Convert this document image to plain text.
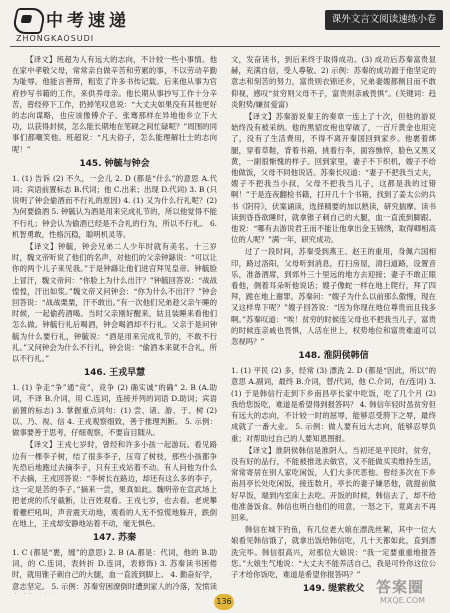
中考速递
ZHONGKAOSUDI
课外文言文阅读速练小卷

【译文】班超为人有远大的志向，不计较一些小事情。他在家中孝敬父母，常常亲自做辛苦和劳累的事，不以劳动辛勤为耻辱。他能言善辩，粗览了许多书传记载。后来他从事为官府抄写书籍的工作，来供养母亲。他长期从事抄写工作十分辛苦，曾经停下工作，扔掉笔叹息说：“大丈夫如果没有其他更好的志向谋略，也应该像傅介子、张骞那样在异地他乡立下大功，以获得封侯，怎么能长期地在笔砚之间忙碌呢？”周围的同事们都嘲笑他。班超说：“凡夫俗子，怎么能理解壮士的志向呢！”

145. 钟毓与钟会

1. (1) 告诉 (2) 不久，一会儿 2. D (都是“什么”的意思 A.代词；宾语前置标志 B.代词；他 C.出来；出现 D.代词) 3. B (只说明了钟会偷酒而不行礼的原因) 4. (1) 又为什么行礼呢？(2) 为何要偷酒 5. 钟毓认为酒是用来完成礼节的，所以他觉得不能不行礼；钟会认为偷酒已经是不合礼的行为，所以不行礼。 6. 机智勇敢，性格沉稳，聪明机灵等。

【译文】钟毓，钟会兄弟二人少年时就有美名。十三岁时，魏文帝听说了他们的名声，对他们的父亲钟繇说：“可以让你的两个儿子来见我。”于是钟繇让他们进宫拜见皇帝。钟毓脸上冒汗，魏文帝问：“你脸上为什么出汗？”钟毓回答说：“战战惶惶，汗出如浆。”魏文帝又问钟会：“你为什么不出汗？”钟会回答说：“战战栗栗，汗不敢出。”有一次他们兄弟趁父亲午睡的时候，一起偷药酒喝。当时父亲刚好醒来，姑且装睡来看他们怎么做。钟毓行礼后喝酒，钟会喝酒却不行礼。父亲于是问钟毓为什么要行礼，钟毓说：“酒是用来完成礼节的，不敢不行礼。”又问钟会为什么不行礼，钟会说：“偷酒本来就不合礼，所以不行礼。”

146. 王戎早慧

1. (1) 争走“争”通“竞”，竞争 (2) 确实诚“的确” 2. B (A.助词，不译 B.介词，用 C.连词，连接并列的词语 D.助词；宾语前置的标志) 3. 掌握重点词句：(1) 尝、诸、游、于、树 (2) 以、乃、视、信 4. 王戎观察细致，善于推理判断。 5. 示例：做事要善于思考，仔细观察，不要盲目随从。

【译文】王戎七岁时，曾经和许多小孩一起游玩。看见路边有一棵李子树，结了很多李子，压弯了树枝，那些小孩都争先恐后地跑过去摘李子，只有王戎站着不动。有人问他为什么不去摘，王戎回答说：“李树长在路边，却还有这么多的李子，这一定是苦的李子。”摘来一尝，果真如此。魏明帝在宣武场上把老虎的爪牙截断，让百姓观看。王戎七岁，也去看。老虎攀着栅栏吼叫，声音震天动地，观看的人无不惊慌地躲开，跌倒在地上，王戎却安静地站着不动，毫无惧色。

147. 苏秦

1. C (都是“裹，缠”的意思) 2. B (A.都是：代词，他的 B.助词，的 C.连词，表转折 D.连词，表修饰) 3. 苏秦读书困倦时，就用锥子刺自己的大腿，血一直流到脚上。 4. 勤奋好学，意志坚定。 5. 示例：苏秦穷困潦倒时遭到家人的冷落，发愤读

文，发奋读书，到后来终于取得成功。(3) 成功后苏秦富贵显赫，充满自信，受人尊敬。2) 示例：苏秦的成功源于他坚定的意志和刻苦的努力，富贵则衣锦还乡，兄弟妻嫂都侧目而不敢仰视，感叹“贫穷则父母不子，富贵则亲戚畏惧”。(关键词：趋炎附势/嫌贫爱富)

【译文】苏秦游说秦王的奏章一连上了十次，但他的游说始终没有被采纳。他的黑貂皮袍也穿破了，一百斤黄金也用完了，没有了生活费用，不得不离开秦国回到家乡。他裹着绑腿，穿着草鞋，背着书箱，挑着行李，面容憔悴，脸色又黑又黄，一副很惭愧的样子。回到家里，妻子不下织机，嫂子不给他做饭，父母不同他说话。苏秦长叹道：“妻子不把我当丈夫，嫂子不把我当小叔，父母不把我当儿子，这都是我的过错啊！”于是连夜翻检书籍，打开几十个书箱，找到了姜太公的兵书《阴符》，伏案诵读，选择精要的加以熟读，研究揣摩。读书读到昏昏欲睡时，就拿锥子刺自己的大腿，血一直流到脚跟。他说：“哪有去游说君王而不能让他拿出金玉锦绣，取得卿相高位的人呢？”满一年，研究成功。

过了一段时间，苏秦受到燕王、赵王的重用，身佩六国相印，路过洛阳，父母听到消息，打扫房屋，清扫道路，设置音乐，准备酒席，到郊外三十里远的地方去迎接；妻子不敢正眼看他，侧着耳朵听他说话；嫂子像蛇一样在地上爬行，拜了四拜，跪在地上谢罪。苏秦问：“嫂子为什么以前那么傲慢，现在又这样卑下呢？”嫂子回答说：“因为你现在地位尊贵而且钱多啊。”苏秦叹道：“唉！贫穷的时候连父母也不把我当儿子，富贵的时候连亲戚也畏惧，人活在世上，权势地位和富贵难道可以忽视吗？”

148. 淮阴侯韩信

1. (1) 平民 (2) 多，经常 (3) 漂洗 2. D (都是“因此，所以”的意思 A.副词，最终 B.介词，替/代词，他 C.介词，在/连词) 3. (1) 于是韩信行走到下乡南昌亭长家中吃饭，吃了几个月 (2) 我给您饭吃，难道是希望得到报答吗？ 4. 韩信年轻时虽贫穷但有远大的志向，不计较一时的屈辱，能够忍受胯下之辱，最终成就了一番大业。 5. 示例：做人要有远大志向，能够忍辱负重；对帮助过自己的人要知恩图报。

【译文】淮阴侯韩信是淮阴人。当初还是平民时，贫穷，没有好的品行，不能被推选去做官，又不能做买卖维持生活，常常寄居在别人家吃闲饭，人们大多厌恶他。曾经多次在下乡南昌亭长处吃闲饭，接连数月，亭长的妻子嫌恶他，就提前做好早饭，端到内室床上去吃。开饭的时候，韩信去了，却不给他准备饭食。韩信也明白他们的用意，一怒之下，竟离去不再回来。

韩信在城下钓鱼，有几位老大娘在漂洗丝絮，其中一位大娘看见韩信饿了，就拿出饭给韩信吃，几十天都如此，直到漂洗完毕。韩信很高兴，对那位大娘说：“我一定要重重地报答您。”大娘生气地说：“大丈夫不能养活自己，我是可怜你这位公子才给你饭吃，难道是希望你报答吗？”

149. 缇萦救父

136
答案圈
MXQE.COM
